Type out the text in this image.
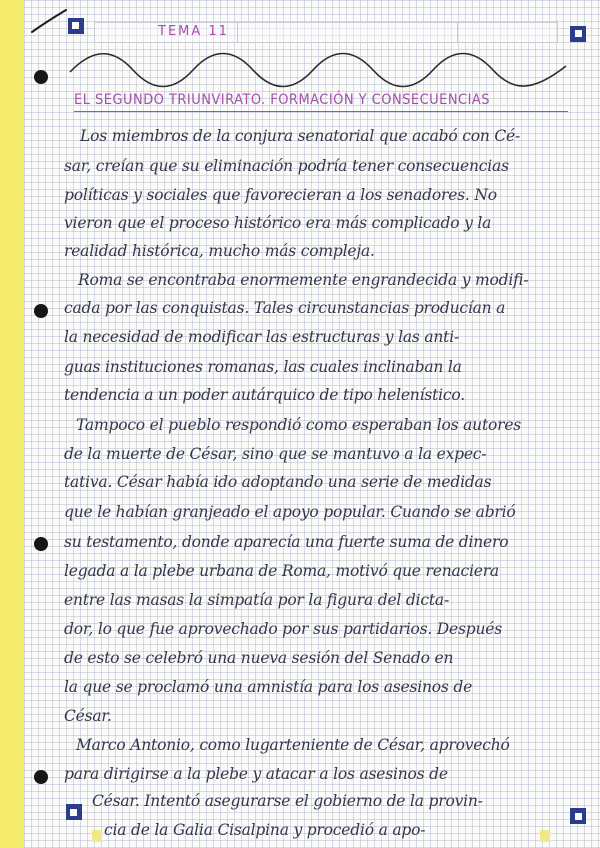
TEMA 11
EL SEGUNDO TRIUNVIRATO. FORMACIÓN Y CONSECUENCIAS
Los miembros de la conjura senatorial que acabó con Cé-
sar, creían que su eliminación podría tener consecuencias
políticas y sociales que favorecieran a los senadores. No
vieron que el proceso histórico era más complicado y la
realidad histórica, mucho más compleja.
Roma se encontraba enormemente engrandecida y modifi-
cada por las conquistas. Tales circunstancias producían a
la necesidad de modificar las estructuras y las anti-
guas instituciones romanas, las cuales inclinaban la
tendencia a un poder autárquico de tipo helenístico.
Tampoco el pueblo respondió como esperaban los autores
de la muerte de César, sino que se mantuvo a la expec-
tativa. César había ido adoptando una serie de medidas
que le habían granjeado el apoyo popular. Cuando se abrió
su testamento, donde aparecía una fuerte suma de dinero
legada a la plebe urbana de Roma, motivó que renaciera
entre las masas la simpatía por la figura del dicta-
dor, lo que fue aprovechado por sus partidarios. Después
de esto se celebró una nueva sesión del Senado en
la que se proclamó una amnistía para los asesinos de
César.
Marco Antonio, como lugarteniente de César, aprovechó
para dirigirse a la plebe y atacar a los asesinos de
César. Intentó asegurarse el gobierno de la provin-
cia de la Galia Cisalpina y procedió a apo-
